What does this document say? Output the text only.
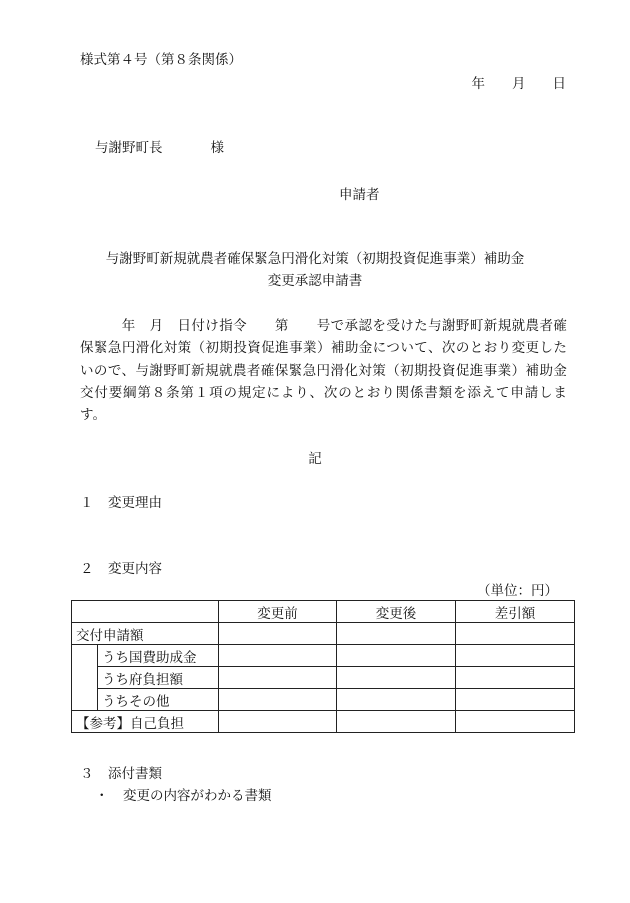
様式第４号（第８条関係）
年　　月　　日
与謝野町長	様
申請者
与謝野町新規就農者確保緊急円滑化対策（初期投資促進事業）補助金
変更承認申請書
　　　年　月　日付け指令　　第　　号で承認を受けた与謝野町新規就農者確保緊急円滑化対策（初期投資促進事業）補助金について、次のとおり変更したいので、与謝野町新規就農者確保緊急円滑化対策（初期投資促進事業）補助金交付要綱第８条第１項の規定により、次のとおり関係書類を添えて申請します。
記
１ 変更理由
２ 変更内容
（単位：円）
		変更前	変更後	差引額
交付申請額				
	うち国費助成金			
	うち府負担額			
	うちその他			
【参考】自己負担				
３ 添付書類
・ 変更の内容がわかる書類
